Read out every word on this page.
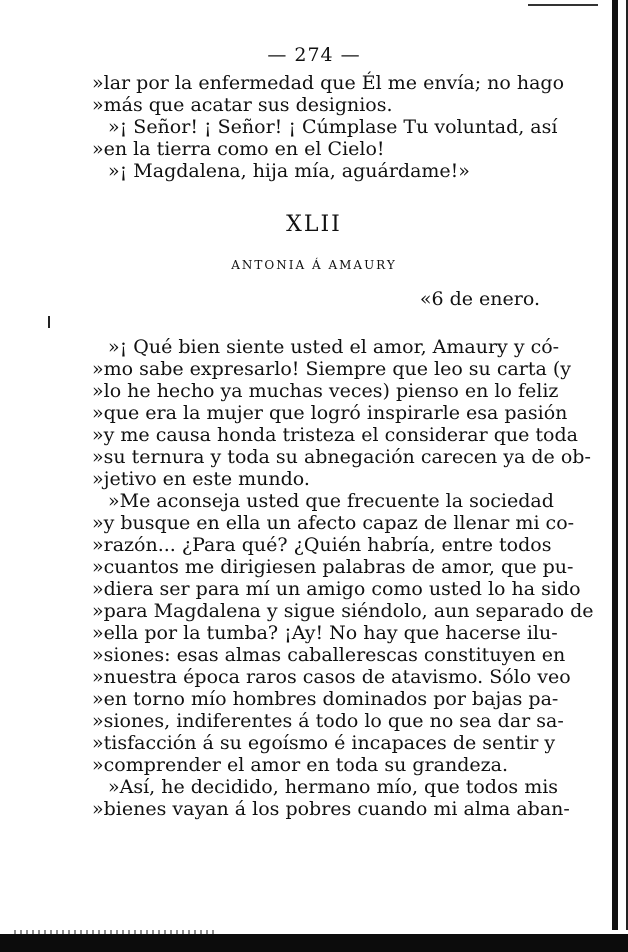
— 274 —
»lar por la enfermedad que Él me envía; no hago
»más que acatar sus designios.
»¡ Señor! ¡ Señor! ¡ Cúmplase Tu voluntad, así
»en la tierra como en el Cielo!
»¡ Magdalena, hija mía, aguárdame!»
XLII
ANTONIA Á AMAURY
«6 de enero.
»¡ Qué bien siente usted el amor, Amaury y có-
»mo sabe expresarlo! Siempre que leo su carta (y
»lo he hecho ya muchas veces) pienso en lo feliz
»que era la mujer que logró inspirarle esa pasión
»y me causa honda tristeza el considerar que toda
»su ternura y toda su abnegación carecen ya de ob-
»jetivo en este mundo.
»Me aconseja usted que frecuente la sociedad
»y busque en ella un afecto capaz de llenar mi co-
»razón... ¿Para qué? ¿Quién habría, entre todos
»cuantos me dirigiesen palabras de amor, que pu-
»diera ser para mí un amigo como usted lo ha sido
»para Magdalena y sigue siéndolo, aun separado de
»ella por la tumba? ¡Ay! No hay que hacerse ilu-
»siones: esas almas caballerescas constituyen en
»nuestra época raros casos de atavismo. Sólo veo
»en torno mío hombres dominados por bajas pa-
»siones, indiferentes á todo lo que no sea dar sa-
»tisfacción á su egoísmo é incapaces de sentir y
»comprender el amor en toda su grandeza.
»Así, he decidido, hermano mío, que todos mis
»bienes vayan á los pobres cuando mi alma aban-
